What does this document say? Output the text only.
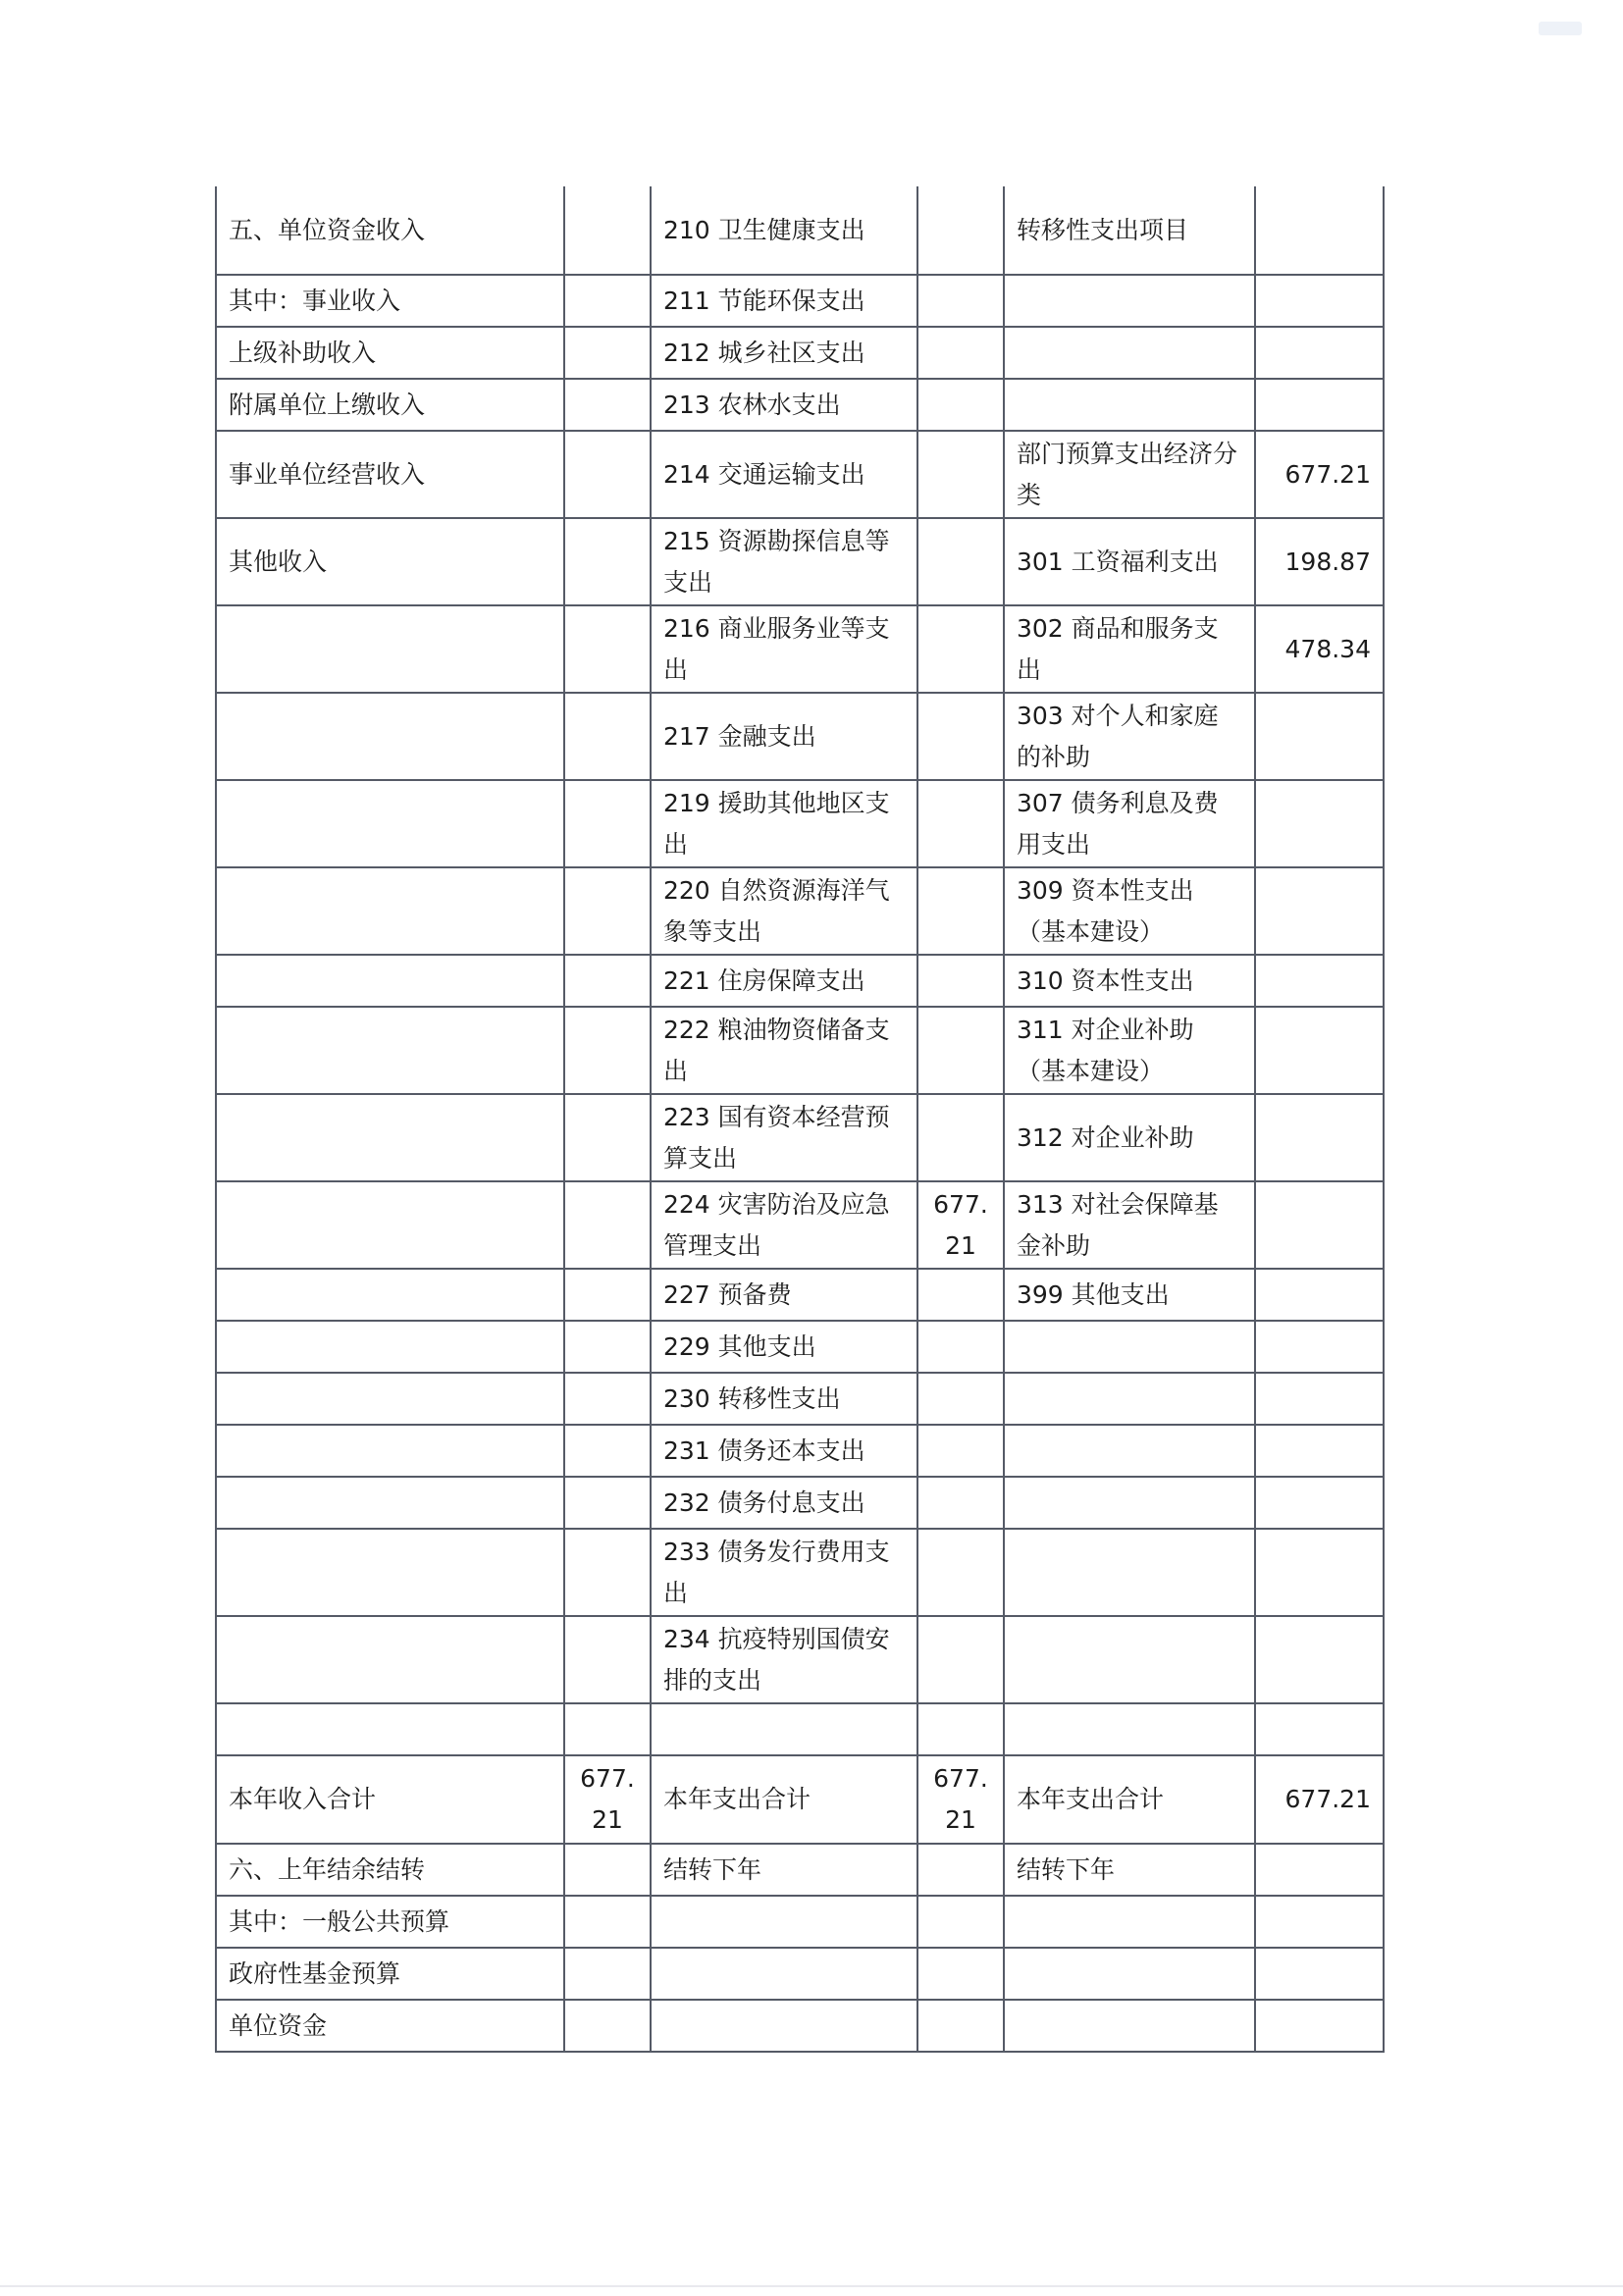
五、单位资金收入		210 卫生健康支出		转移性支出项目	
其中：事业收入		211 节能环保支出			
上级补助收入		212 城乡社区支出			
附属单位上缴收入		213 农林水支出			
事业单位经营收入		214 交通运输支出		部门预算支出经济分类	677.21
其他收入		215 资源勘探信息等支出		301 工资福利支出	198.87
		216 商业服务业等支出		302 商品和服务支出	478.34
		217 金融支出		303 对个人和家庭的补助	
		219 援助其他地区支出		307 债务利息及费用支出	
		220 自然资源海洋气象等支出		309 资本性支出（基本建设）	
		221 住房保障支出		310 资本性支出	
		222 粮油物资储备支出		311 对企业补助（基本建设）	
		223 国有资本经营预算支出		312 对企业补助	
		224 灾害防治及应急管理支出	677.21	313 对社会保障基金补助	
		227 预备费		399 其他支出	
		229 其他支出			
		230 转移性支出			
		231 债务还本支出			
		232 债务付息支出			
		233 债务发行费用支出			
		234 抗疫特别国债安排的支出			

本年收入合计	677.21	本年支出合计	677.21	本年支出合计	677.21
六、上年结余结转		结转下年		结转下年	
其中：一般公共预算					
政府性基金预算					
单位资金					
